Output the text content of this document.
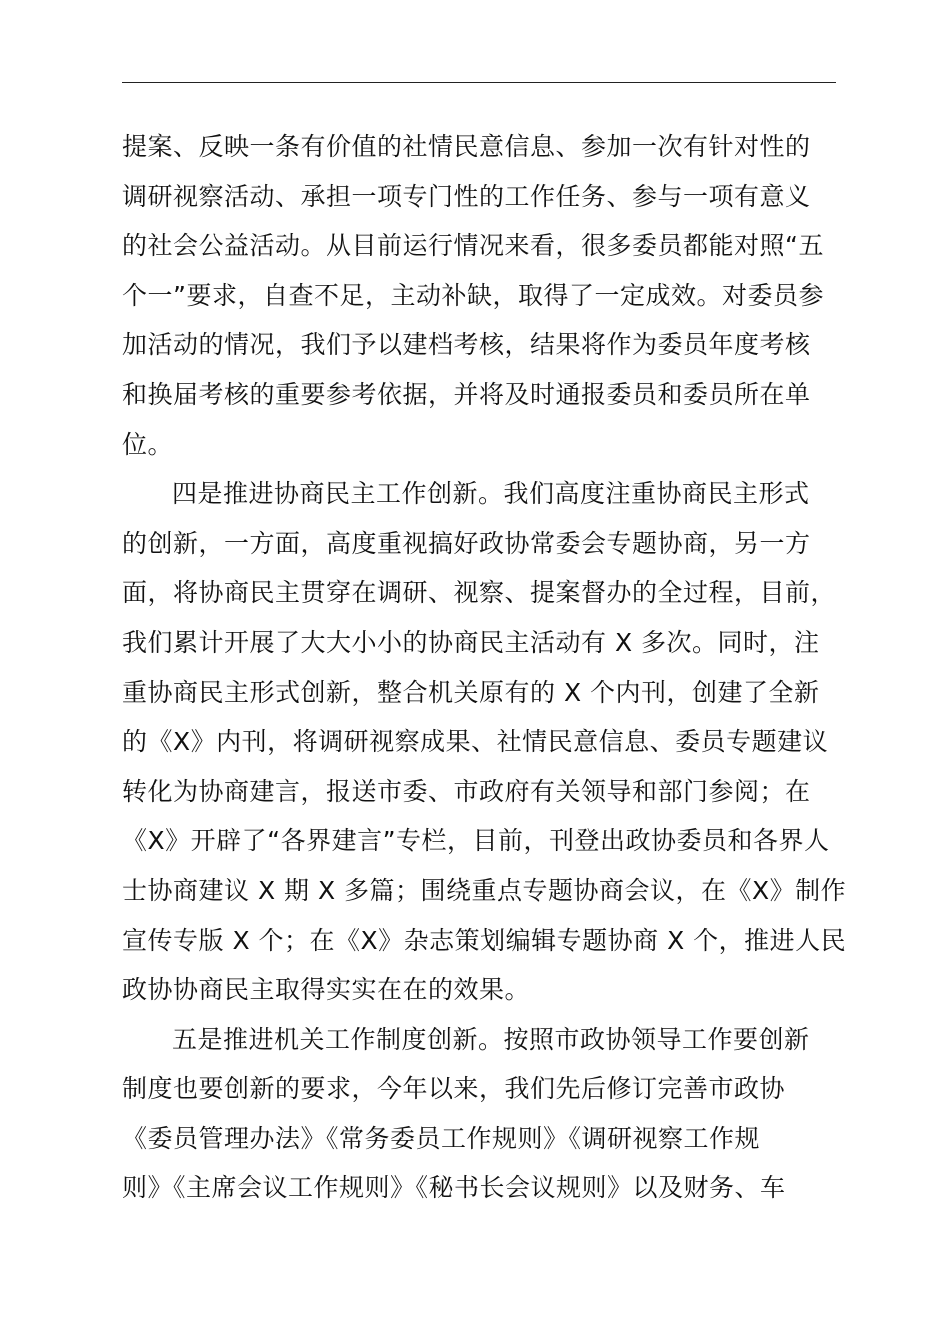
提案、反映一条有价值的社情民意信息、参加一次有针对性的
调研视察活动、承担一项专门性的工作任务、参与一项有意义
的社会公益活动。从目前运行情况来看，很多委员都能对照“五
个一”要求，自查不足，主动补缺，取得了一定成效。对委员参
加活动的情况，我们予以建档考核，结果将作为委员年度考核
和换届考核的重要参考依据，并将及时通报委员和委员所在单
位。
四是推进协商民主工作创新。我们高度注重协商民主形式
的创新，一方面，高度重视搞好政协常委会专题协商，另一方
面，将协商民主贯穿在调研、视察、提案督办的全过程，目前，
我们累计开展了大大小小的协商民主活动有 X 多次。同时，注
重协商民主形式创新，整合机关原有的 X 个内刊，创建了全新
的《X》内刊，将调研视察成果、社情民意信息、委员专题建议
转化为协商建言，报送市委、市政府有关领导和部门参阅；在
《X》开辟了“各界建言”专栏，目前，刊登出政协委员和各界人
士协商建议 X 期 X 多篇；围绕重点专题协商会议，在《X》制作
宣传专版 X 个；在《X》杂志策划编辑专题协商 X 个，推进人民
政协协商民主取得实实在在的效果。
五是推进机关工作制度创新。按照市政协领导工作要创新
制度也要创新的要求，今年以来，我们先后修订完善市政协
《委员管理办法》《常务委员工作规则》《调研视察工作规
则》《主席会议工作规则》《秘书长会议规则》以及财务、车
